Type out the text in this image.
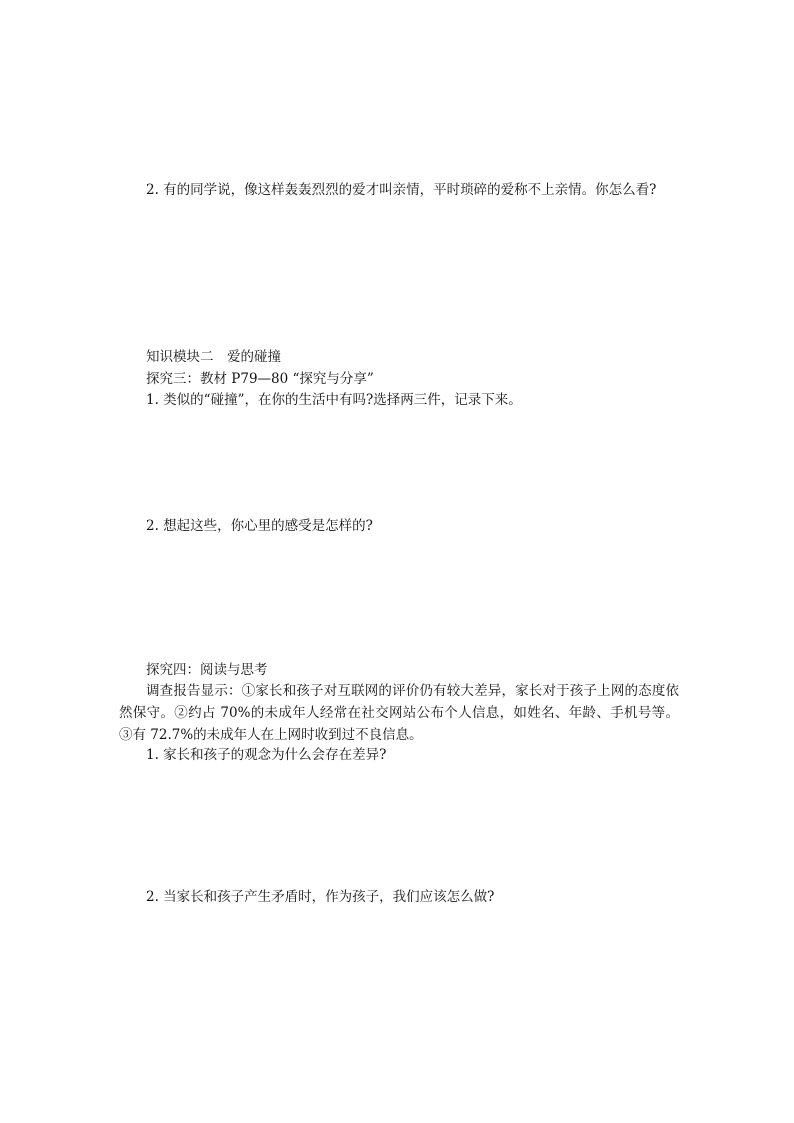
2. 有的同学说，像这样轰轰烈烈的爱才叫亲情，平时琐碎的爱称不上亲情。你怎么看?
知识模块二　爱的碰撞
探究三：教材 P79—80 “探究与分享”
1. 类似的“碰撞”，在你的生活中有吗?选择两三件，记录下来。
2. 想起这些，你心里的感受是怎样的?
探究四：阅读与思考
调查报告显示：①家长和孩子对互联网的评价仍有较大差异，家长对于孩子上网的态度依然保守。②约占 70%的未成年人经常在社交网站公布个人信息，如姓名、年龄、手机号等。③有 72.7%的未成年人在上网时收到过不良信息。
1. 家长和孩子的观念为什么会存在差异?
2. 当家长和孩子产生矛盾时，作为孩子，我们应该怎么做?
